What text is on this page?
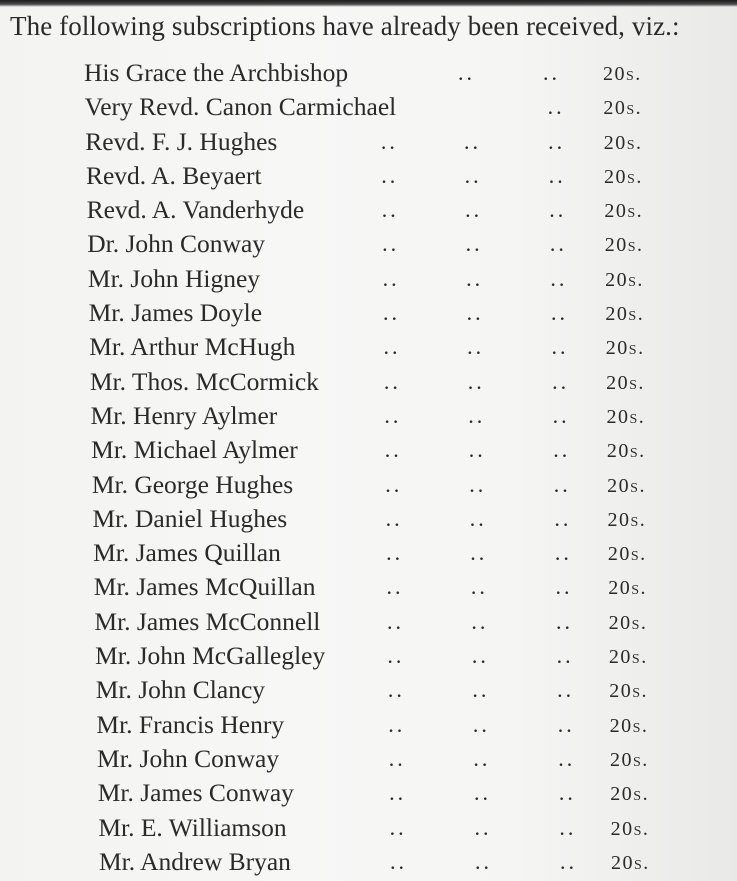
The following subscriptions have already been received, viz.:
His Grace the Archbishop	..	.. 20s.
Very Revd. Canon Carmichael	.. 20s.
Revd. F. J. Hughes	..	..	.. 20s.
Revd. A. Beyaert	..	..	.. 20s.
Revd. A. Vanderhyde	..	..	.. 20s.
Dr. John Conway	..	..	.. 20s.
Mr. John Higney	..	..	.. 20s.
Mr. James Doyle	..	..	.. 20s.
Mr. Arthur McHugh	..	..	.. 20s.
Mr. Thos. McCormick	..	..	.. 20s.
Mr. Henry Aylmer	..	..	.. 20s.
Mr. Michael Aylmer	..	..	.. 20s.
Mr. George Hughes	..	..	.. 20s.
Mr. Daniel Hughes	..	..	.. 20s.
Mr. James Quillan	..	..	.. 20s.
Mr. James McQuillan	..	..	.. 20s.
Mr. James McConnell	..	..	.. 20s.
Mr. John McGallegley	..	..	.. 20s.
Mr. John Clancy	..	..	.. 20s.
Mr. Francis Henry	..	..	.. 20s.
Mr. John Conway	..	..	.. 20s.
Mr. James Conway	..	..	.. 20s.
Mr. E. Williamson	..	..	.. 20s.
Mr. Andrew Bryan	..	..	.. 20s.
